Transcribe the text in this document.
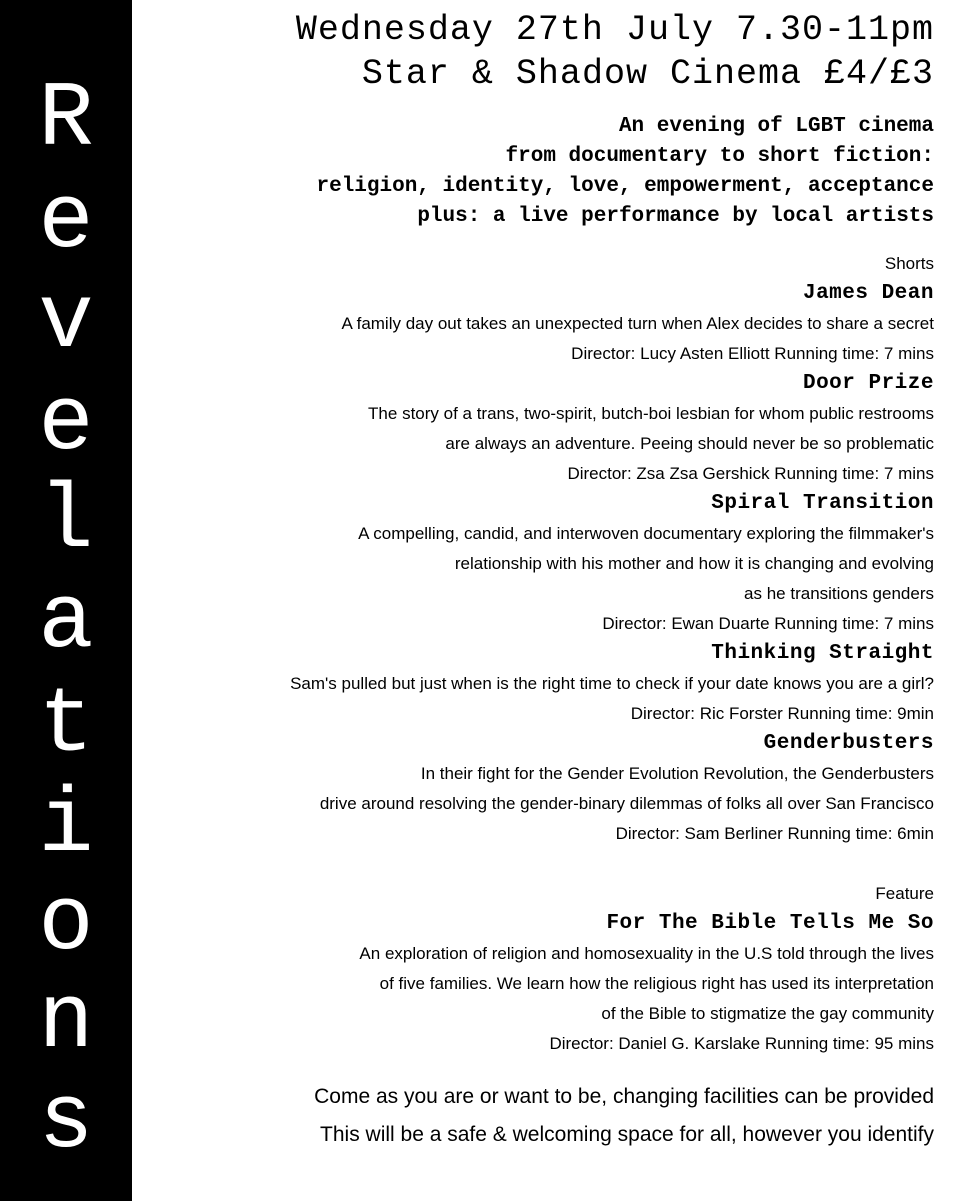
R
e
v
e
l
a
t
i
o
n
s
Wednesday 27th July 7.30-11pm
Star & Shadow Cinema £4/£3
An evening of LGBT cinema
from documentary to short fiction:
religion, identity, love, empowerment, acceptance
plus: a live performance by local artists
Shorts
James Dean
A family day out takes an unexpected turn when Alex decides to share a secret
Director: Lucy Asten Elliott Running time: 7 mins
Door Prize
The story of a trans, two-spirit, butch-boi lesbian for whom public restrooms
are always an adventure. Peeing should never be so problematic
Director: Zsa Zsa Gershick Running time: 7 mins
Spiral Transition
A compelling, candid, and interwoven documentary exploring the filmmaker's
relationship with his mother and how it is changing and evolving
as he transitions genders
Director: Ewan Duarte Running time: 7 mins
Thinking Straight
Sam's pulled but just when is the right time to check if your date knows you are a girl?
Director: Ric Forster Running time: 9min
Genderbusters
In their fight for the Gender Evolution Revolution, the Genderbusters
drive around resolving the gender-binary dilemmas of folks all over San Francisco
Director: Sam Berliner Running time: 6min
Feature
For The Bible Tells Me So
An exploration of religion and homosexuality in the U.S told through the lives
of five families. We learn how the religious right has used its interpretation
of the Bible to stigmatize the gay community
Director: Daniel G. Karslake Running time: 95 mins
Come as you are or want to be, changing facilities can be provided
This will be a safe & welcoming space for all, however you identify
